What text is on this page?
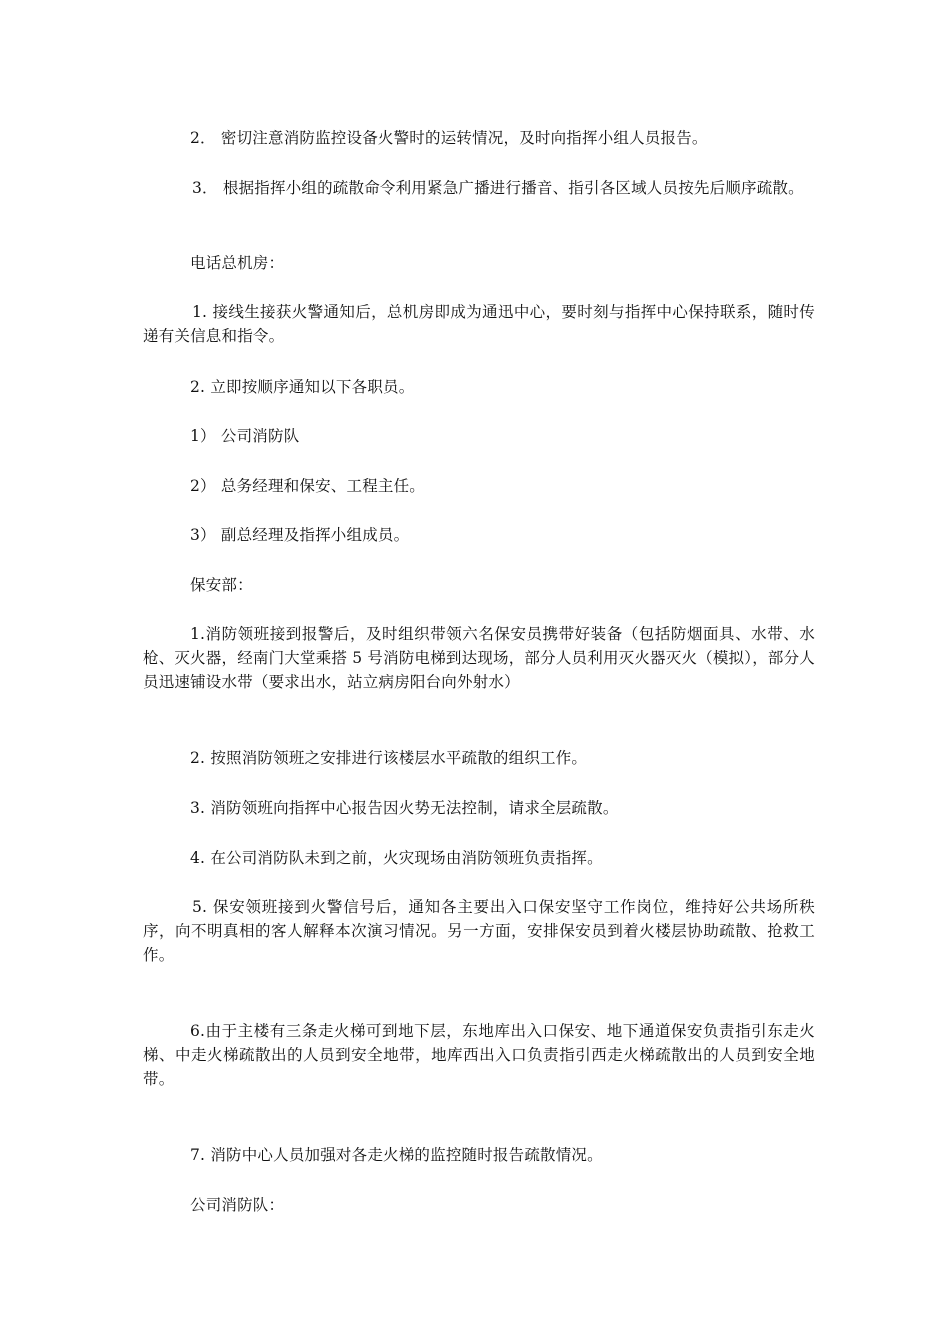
2． 密切注意消防监控设备火警时的运转情况，及时向指挥小组人员报告。
3． 根据指挥小组的疏散命令利用紧急广播进行播音、指引各区域人员按先后顺序疏散。
电话总机房：
1. 接线生接获火警通知后，总机房即成为通迅中心，要时刻与指挥中心保持联系，随时传递有关信息和指令。
2. 立即按顺序通知以下各职员。
1） 公司消防队
2） 总务经理和保安、工程主任。
3） 副总经理及指挥小组成员。
保安部：
1.消防领班接到报警后，及时组织带领六名保安员携带好装备（包括防烟面具、水带、水枪、灭火器，经南门大堂乘搭 5 号消防电梯到达现场，部分人员利用灭火器灭火（模拟），部分人员迅速铺设水带（要求出水，站立病房阳台向外射水）
2. 按照消防领班之安排进行该楼层水平疏散的组织工作。
3. 消防领班向指挥中心报告因火势无法控制，请求全层疏散。
4. 在公司消防队未到之前，火灾现场由消防领班负责指挥。
5. 保安领班接到火警信号后，通知各主要出入口保安坚守工作岗位，维持好公共场所秩序，向不明真相的客人解释本次演习情况。另一方面，安排保安员到着火楼层协助疏散、抢救工作。
6.由于主楼有三条走火梯可到地下层，东地库出入口保安、地下通道保安负责指引东走火梯、中走火梯疏散出的人员到安全地带，地库西出入口负责指引西走火梯疏散出的人员到安全地带。
7. 消防中心人员加强对各走火梯的监控随时报告疏散情况。
公司消防队：
